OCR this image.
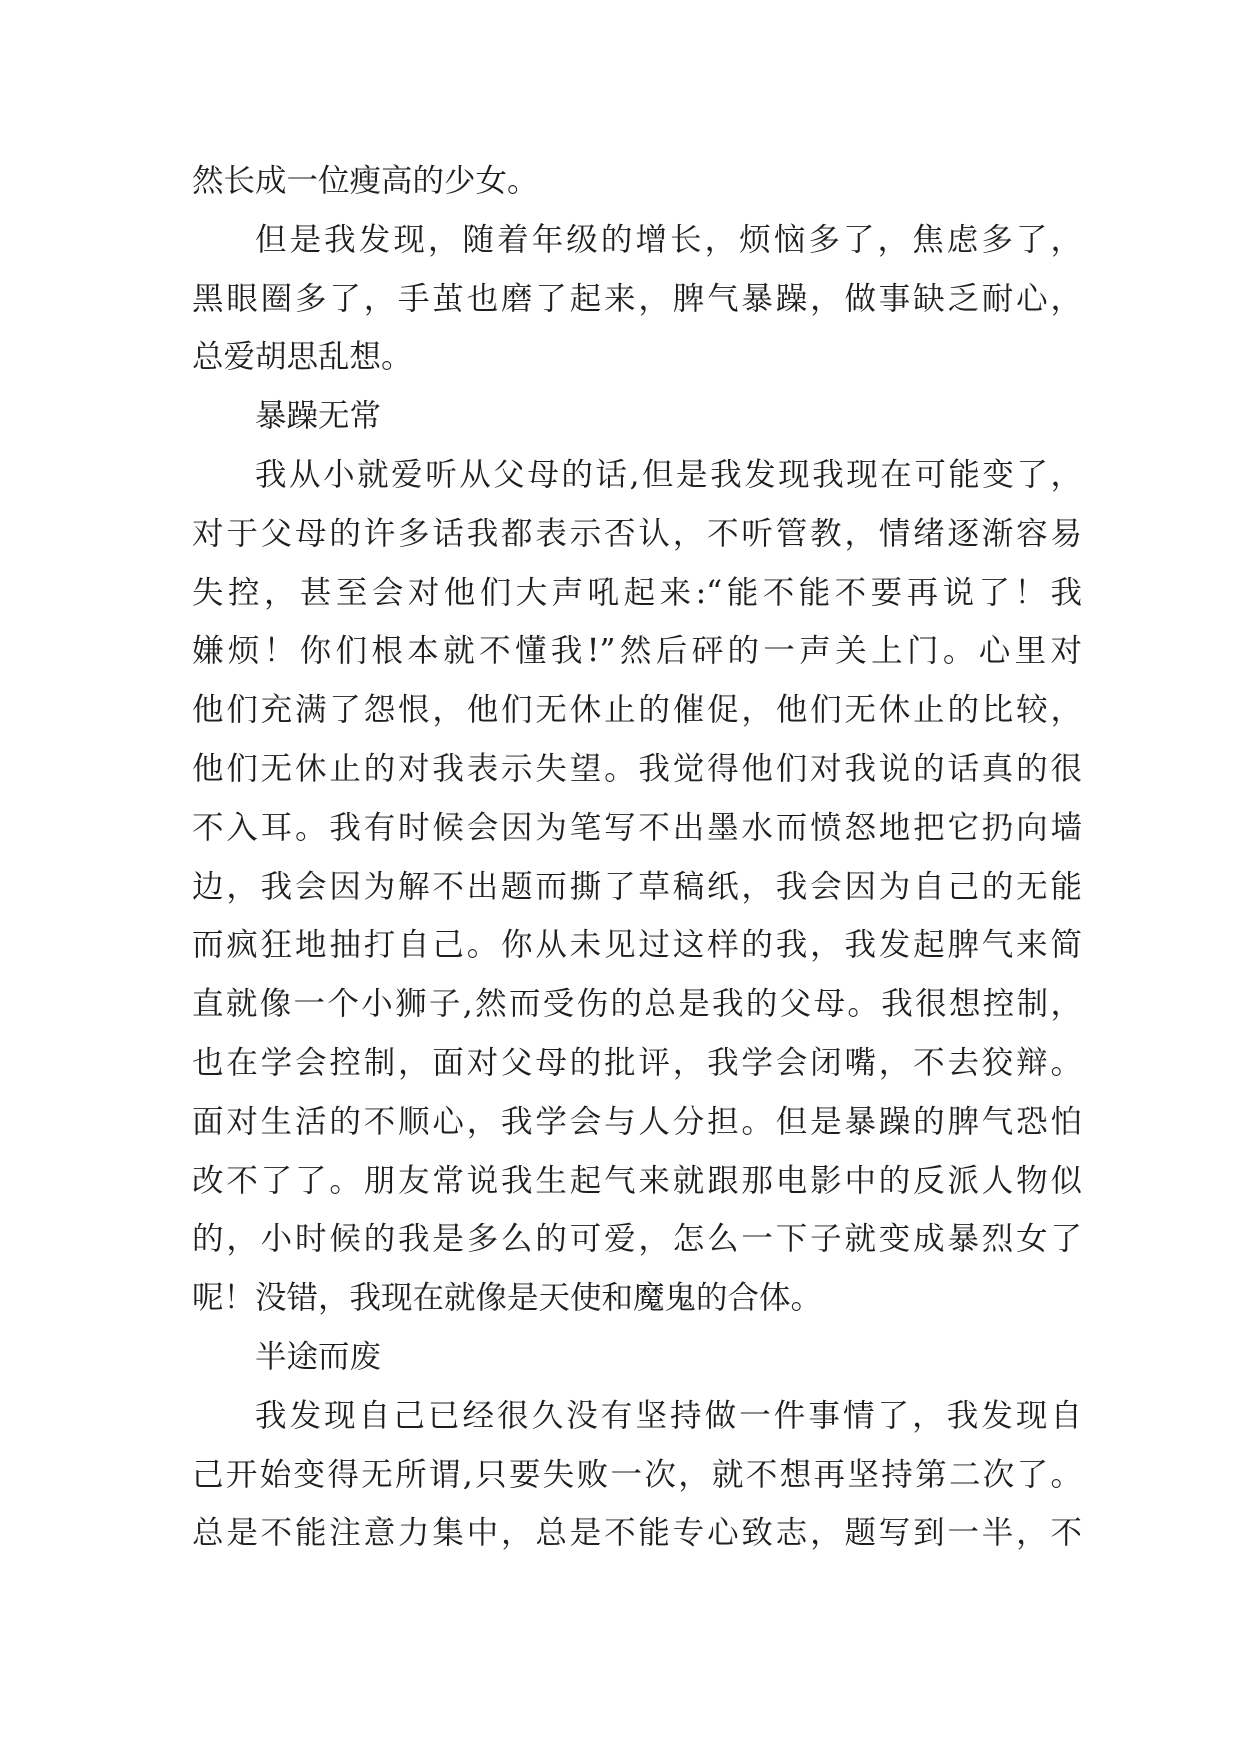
然长成一位瘦高的少女。
但是我发现，随着年级的增长，烦恼多了，焦虑多了，
黑眼圈多了，手茧也磨了起来，脾气暴躁，做事缺乏耐心，
总爱胡思乱想。
暴躁无常
我从小就爱听从父母的话,但是我发现我现在可能变了，
对于父母的许多话我都表示否认，不听管教，情绪逐渐容易
失控，甚至会对他们大声吼起来:“能不能不要再说了！我
嫌烦！你们根本就不懂我!”然后砰的一声关上门。心里对
他们充满了怨恨，他们无休止的催促，他们无休止的比较，
他们无休止的对我表示失望。我觉得他们对我说的话真的很
不入耳。我有时候会因为笔写不出墨水而愤怒地把它扔向墙
边，我会因为解不出题而撕了草稿纸，我会因为自己的无能
而疯狂地抽打自己。你从未见过这样的我，我发起脾气来简
直就像一个小狮子,然而受伤的总是我的父母。我很想控制，
也在学会控制，面对父母的批评，我学会闭嘴，不去狡辩。
面对生活的不顺心，我学会与人分担。但是暴躁的脾气恐怕
改不了了。朋友常说我生起气来就跟那电影中的反派人物似
的，小时候的我是多么的可爱，怎么一下子就变成暴烈女了
呢！没错，我现在就像是天使和魔鬼的合体。
半途而废
我发现自己已经很久没有坚持做一件事情了，我发现自
己开始变得无所谓,只要失败一次，就不想再坚持第二次了。
总是不能注意力集中，总是不能专心致志，题写到一半，不
